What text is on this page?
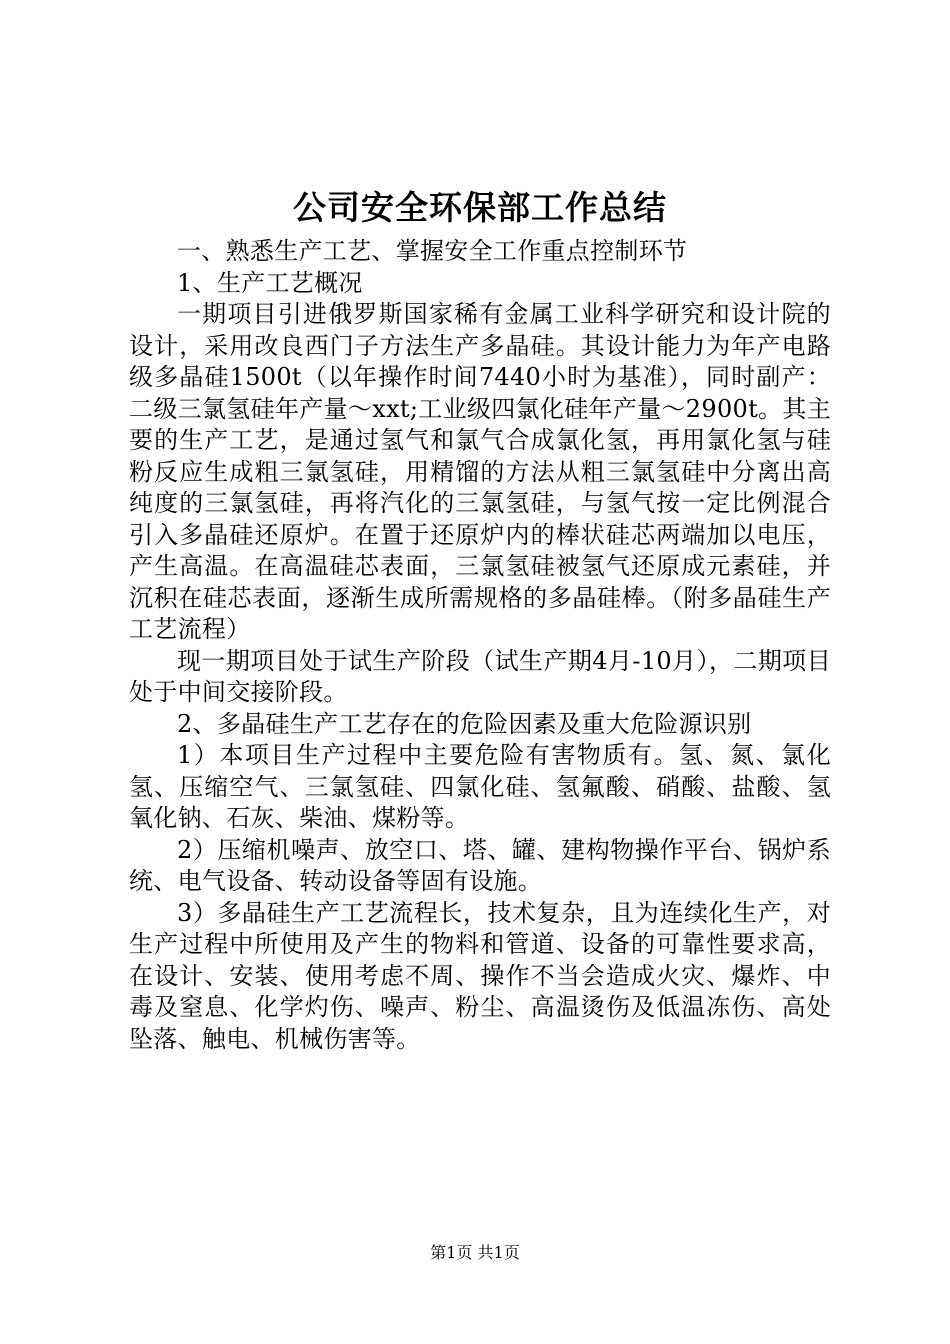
公司安全环保部工作总结

一、熟悉生产工艺、掌握安全工作重点控制环节

1、生产工艺概况

一期项目引进俄罗斯国家稀有金属工业科学研究和设计院的设计，采用改良西门子方法生产多晶硅。其设计能力为年产电路级多晶硅1500t（以年操作时间7440小时为基准），同时副产：二级三氯氢硅年产量～xxt;工业级四氯化硅年产量～2900t。其主要的生产工艺，是通过氢气和氯气合成氯化氢，再用氯化氢与硅粉反应生成粗三氯氢硅，用精馏的方法从粗三氯氢硅中分离出高纯度的三氯氢硅，再将汽化的三氯氢硅，与氢气按一定比例混合引入多晶硅还原炉。在置于还原炉内的棒状硅芯两端加以电压，产生高温。在高温硅芯表面，三氯氢硅被氢气还原成元素硅，并沉积在硅芯表面，逐渐生成所需规格的多晶硅棒。（附多晶硅生产工艺流程）

现一期项目处于试生产阶段（试生产期4月-10月），二期项目处于中间交接阶段。

2、多晶硅生产工艺存在的危险因素及重大危险源识别

1）本项目生产过程中主要危险有害物质有。氢、氮、氯化氢、压缩空气、三氯氢硅、四氯化硅、氢氟酸、硝酸、盐酸、氢氧化钠、石灰、柴油、煤粉等。

2）压缩机噪声、放空口、塔、罐、建构物操作平台、锅炉系统、电气设备、转动设备等固有设施。

3）多晶硅生产工艺流程长，技术复杂，且为连续化生产，对生产过程中所使用及产生的物料和管道、设备的可靠性要求高，在设计、安装、使用考虑不周、操作不当会造成火灾、爆炸、中毒及窒息、化学灼伤、噪声、粉尘、高温烫伤及低温冻伤、高处坠落、触电、机械伤害等。

第1页 共1页
